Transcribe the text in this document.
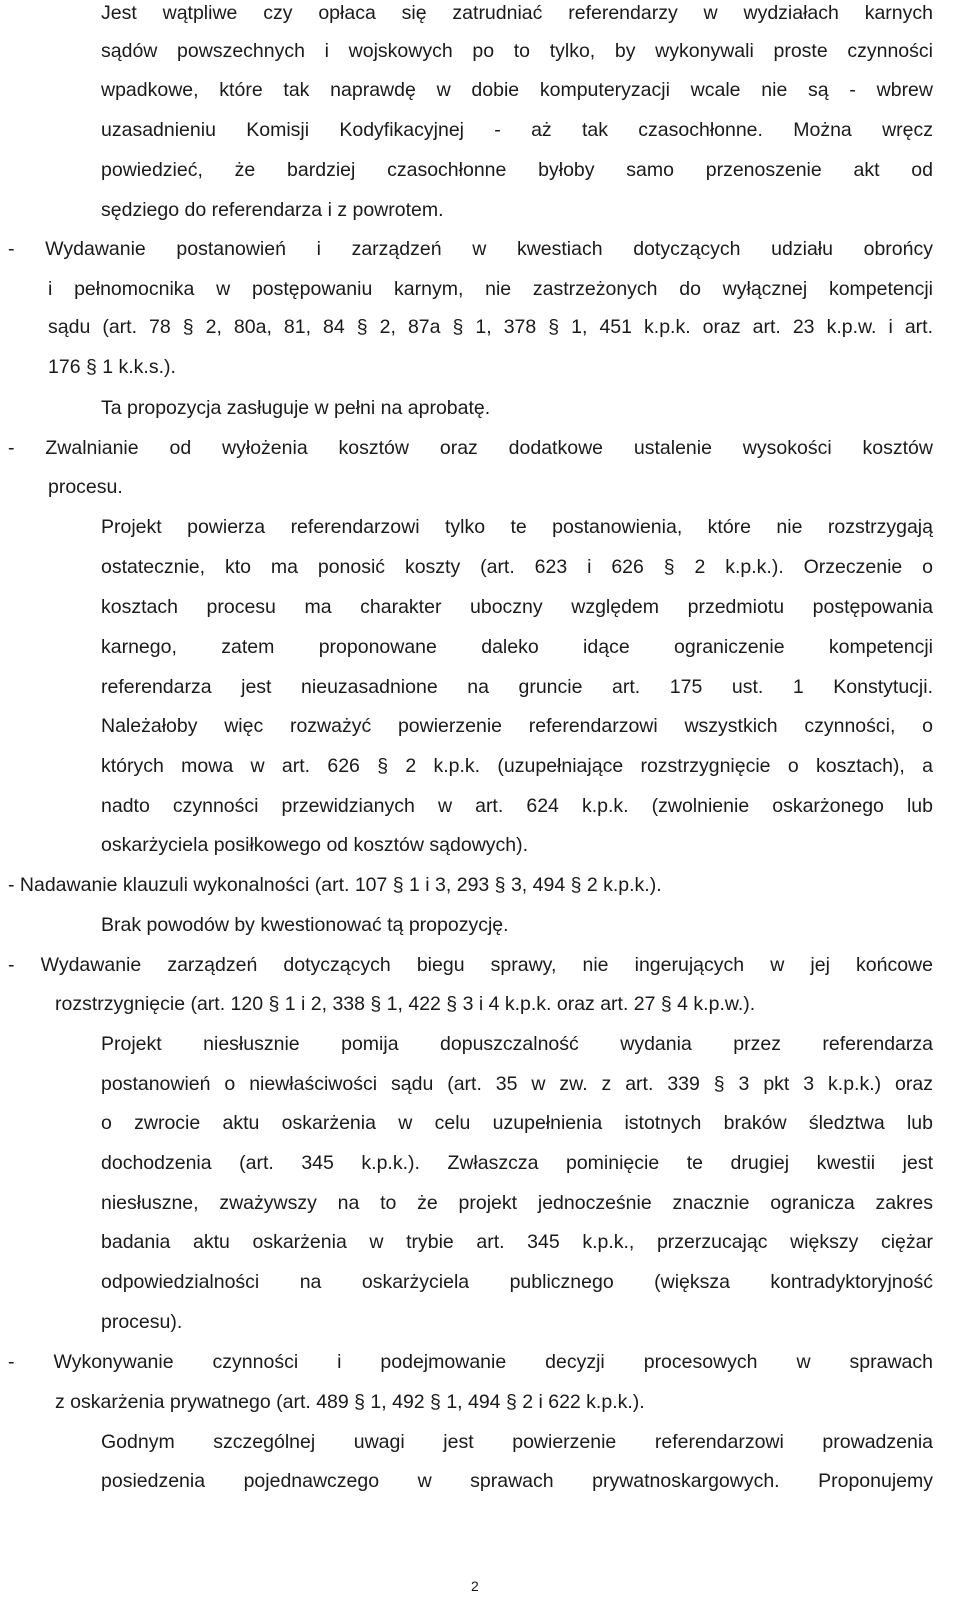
Jest wątpliwe czy opłaca się zatrudniać referendarzy w wydziałach karnych
sądów powszechnych i wojskowych po to tylko, by wykonywali proste czynności
wpadkowe, które tak naprawdę w dobie komputeryzacji wcale nie są - wbrew
uzasadnieniu Komisji Kodyfikacyjnej - aż tak czasochłonne. Można wręcz
powiedzieć, że bardziej czasochłonne byłoby samo przenoszenie akt od
sędziego do referendarza i z powrotem.
- Wydawanie postanowień i zarządzeń w kwestiach dotyczących udziału obrońcy
i pełnomocnika w postępowaniu karnym, nie zastrzeżonych do wyłącznej kompetencji
sądu (art. 78 § 2, 80a, 81, 84 § 2, 87a § 1, 378 § 1, 451 k.p.k. oraz art. 23 k.p.w. i art.
176 § 1 k.k.s.).
Ta propozycja zasługuje w pełni na aprobatę.
- Zwalnianie od wyłożenia kosztów oraz dodatkowe ustalenie wysokości kosztów
procesu.
Projekt powierza referendarzowi tylko te postanowienia, które nie rozstrzygają
ostatecznie, kto ma ponosić koszty (art. 623 i 626 § 2 k.p.k.). Orzeczenie o
kosztach procesu ma charakter uboczny względem przedmiotu postępowania
karnego, zatem proponowane daleko idące ograniczenie kompetencji
referendarza jest nieuzasadnione na gruncie art. 175 ust. 1 Konstytucji.
Należałoby więc rozważyć powierzenie referendarzowi wszystkich czynności, o
których mowa w art. 626 § 2 k.p.k. (uzupełniające rozstrzygnięcie o kosztach), a
nadto czynności przewidzianych w art. 624 k.p.k. (zwolnienie oskarżonego lub
oskarżyciela posiłkowego od kosztów sądowych).
- Nadawanie klauzuli wykonalności (art. 107 § 1 i 3, 293 § 3, 494 § 2 k.p.k.).
Brak powodów by kwestionować tą propozycję.
- Wydawanie zarządzeń dotyczących biegu sprawy, nie ingerujących w jej końcowe
rozstrzygnięcie (art. 120 § 1 i 2, 338 § 1, 422 § 3 i 4 k.p.k. oraz art. 27 § 4 k.p.w.).
Projekt niesłusznie pomija dopuszczalność wydania przez referendarza
postanowień o niewłaściwości sądu (art. 35 w zw. z art. 339 § 3 pkt 3 k.p.k.) oraz
o zwrocie aktu oskarżenia w celu uzupełnienia istotnych braków śledztwa lub
dochodzenia (art. 345 k.p.k.). Zwłaszcza pominięcie te drugiej kwestii jest
niesłuszne, zważywszy na to że projekt jednocześnie znacznie ogranicza zakres
badania aktu oskarżenia w trybie art. 345 k.p.k., przerzucając większy ciężar
odpowiedzialności na oskarżyciela publicznego (większa kontradyktoryjność
procesu).
- Wykonywanie czynności i podejmowanie decyzji procesowych w sprawach
z oskarżenia prywatnego (art. 489 § 1, 492 § 1, 494 § 2 i 622 k.p.k.).
Godnym szczególnej uwagi jest powierzenie referendarzowi prowadzenia
posiedzenia pojednawczego w sprawach prywatnoskargowych. Proponujemy
2
